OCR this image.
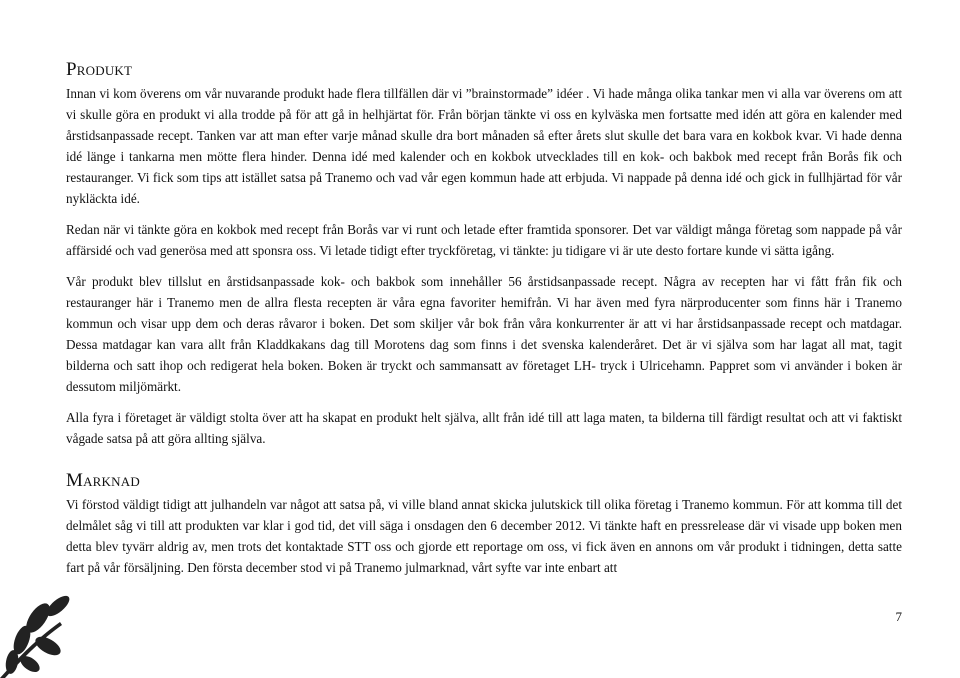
Produkt

Innan vi kom överens om vår nuvarande produkt hade flera tillfällen där vi ”brainstormade” idéer . Vi hade många olika tankar men vi alla var överens om att vi skulle göra en produkt vi alla trodde på för att gå in helhjärtat för. Från början tänkte vi oss en kylväska men fortsatte med idén att göra en kalender med årstidsanpassade recept. Tanken var att man efter varje månad skulle dra bort månaden så efter årets slut skulle det bara vara en kokbok kvar. Vi hade denna idé länge i tankarna men mötte flera hinder. Denna idé med kalender och en kokbok utvecklades till en kok- och bakbok med recept från Borås fik och restauranger. Vi fick som tips att istället satsa på Tranemo och vad vår egen kommun hade att erbjuda. Vi nappade på denna idé och gick in fullhjärtad för vår nykläckta idé.

Redan när vi tänkte göra en kokbok med recept från Borås var vi runt och letade efter framtida sponsorer. Det var väldigt många företag som nappade på vår affärsidé och vad generösa med att sponsra oss. Vi letade tidigt efter tryckföretag, vi tänkte: ju tidigare vi är ute desto fortare kunde vi sätta igång.

Vår produkt blev tillslut en årstidsanpassade kok- och bakbok som innehåller 56 årstidsanpassade recept. Några av recepten har vi fått från fik och restauranger här i Tranemo men de allra flesta recepten är våra egna favoriter hemifrån. Vi har även med fyra närproducenter som finns här i Tranemo kommun och visar upp dem och deras råvaror i boken. Det som skiljer vår bok från våra konkurrenter är att vi har årstidsanpassade recept och matdagar. Dessa matdagar kan vara allt från Kladdkakans dag till Morotens dag som finns i det svenska kalenderåret. Det är vi själva som har lagat all mat, tagit bilderna och satt ihop och redigerat hela boken. Boken är tryckt och sammansatt av företaget LH- tryck i Ulricehamn. Pappret som vi använder i boken är dessutom miljömärkt.

Alla fyra i företaget är väldigt stolta över att ha skapat en produkt helt själva, allt från idé till att laga maten, ta bilderna till färdigt resultat och att vi faktiskt vågade satsa på att göra allting själva.

Marknad

Vi förstod väldigt tidigt att julhandeln var något att satsa på, vi ville bland annat skicka julutskick till olika företag i Tranemo kommun. För att komma till det delmålet såg vi till att produkten var klar i god tid, det vill säga i onsdagen den 6 december 2012. Vi tänkte haft en pressrelease där vi visade upp boken men detta blev tyvärr aldrig av, men trots det kontaktade STT oss och gjorde ett reportage om oss, vi fick även en annons om vår produkt i tidningen, detta satte fart på vår försäljning. Den första december stod vi på Tranemo julmarknad, vårt syfte var inte enbart att

7
